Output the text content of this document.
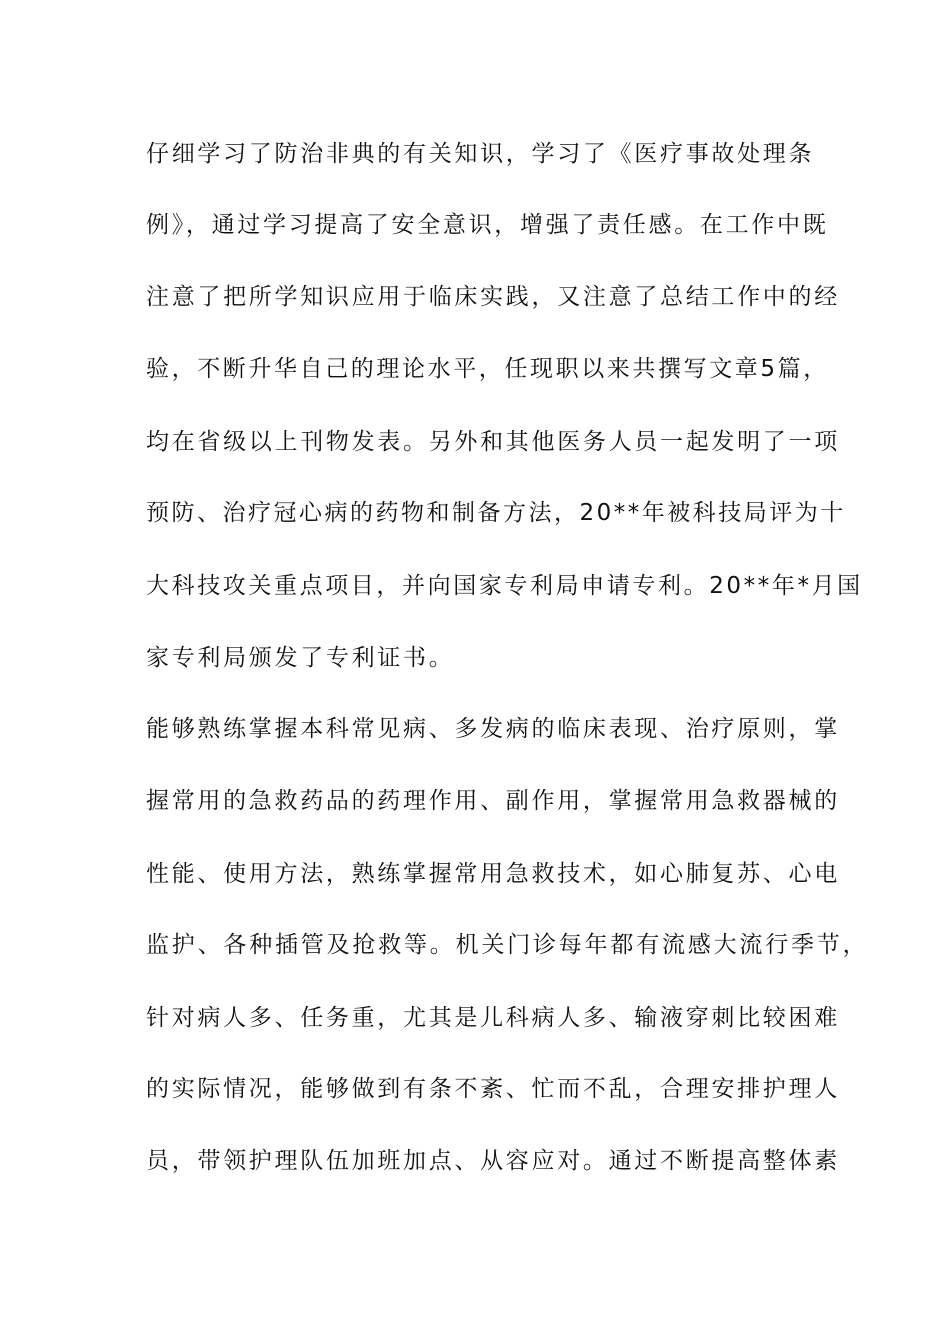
仔细学习了防治非典的有关知识，学习了《医疗事故处理条
例》，通过学习提高了安全意识，增强了责任感。在工作中既
注意了把所学知识应用于临床实践，又注意了总结工作中的经
验，不断升华自己的理论水平，任现职以来共撰写文章5篇，
均在省级以上刊物发表。另外和其他医务人员一起发明了一项
预防、治疗冠心病的药物和制备方法，20**年被科技局评为十
大科技攻关重点项目，并向国家专利局申请专利。20**年*月国
家专利局颁发了专利证书。
能够熟练掌握本科常见病、多发病的临床表现、治疗原则，掌
握常用的急救药品的药理作用、副作用，掌握常用急救器械的
性能、使用方法，熟练掌握常用急救技术，如心肺复苏、心电
监护、各种插管及抢救等。机关门诊每年都有流感大流行季节，
针对病人多、任务重，尤其是儿科病人多、输液穿刺比较困难
的实际情况，能够做到有条不紊、忙而不乱，合理安排护理人
员，带领护理队伍加班加点、从容应对。通过不断提高整体素
